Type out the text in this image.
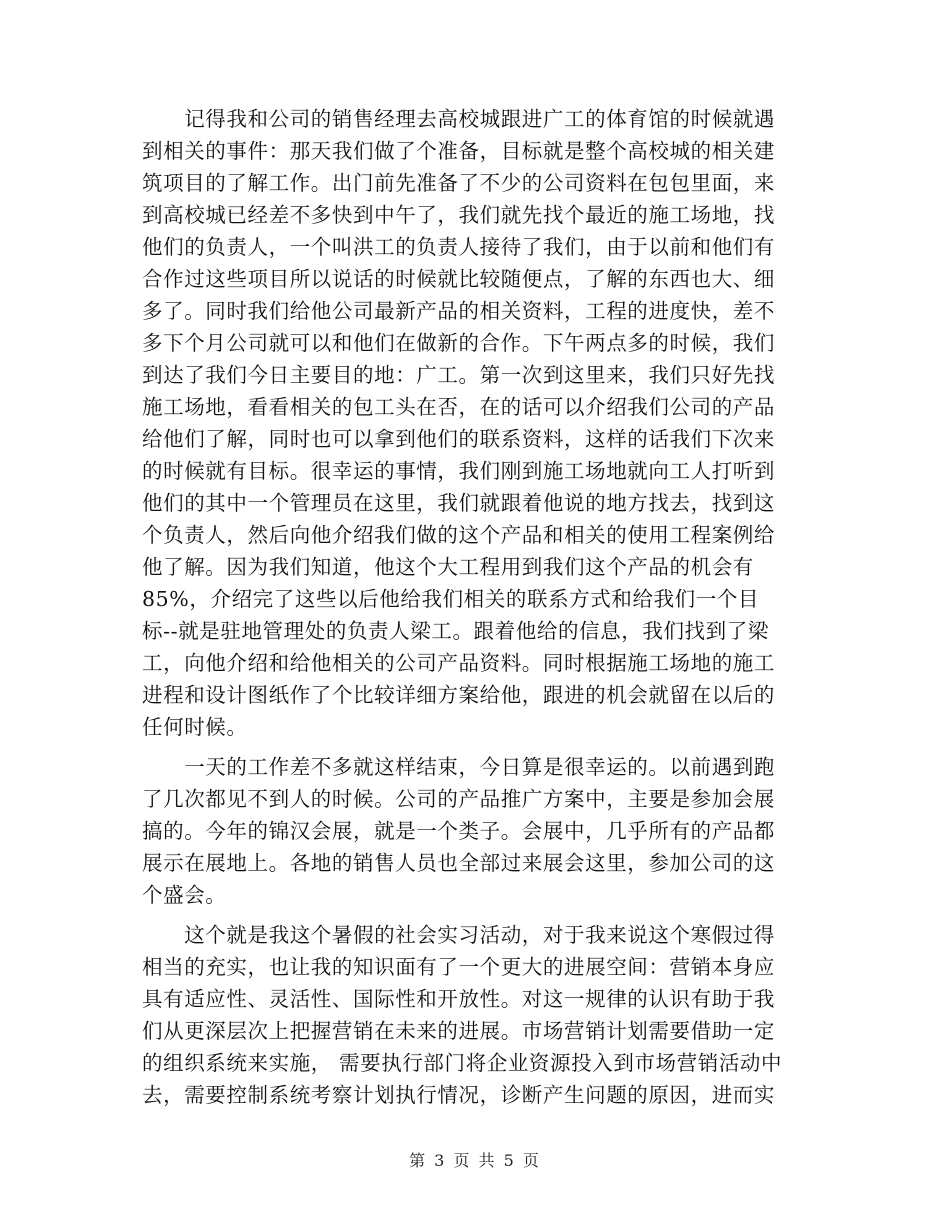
　　记得我和公司的销售经理去高校城跟进广工的体育馆的时候就遇
到相关的事件：那天我们做了个准备，目标就是整个高校城的相关建
筑项目的了解工作。出门前先准备了不少的公司资料在包包里面，来
到高校城已经差不多快到中午了，我们就先找个最近的施工场地，找
他们的负责人，一个叫洪工的负责人接待了我们，由于以前和他们有
合作过这些项目所以说话的时候就比较随便点，了解的东西也大、细
多了。同时我们给他公司最新产品的相关资料，工程的进度快，差不
多下个月公司就可以和他们在做新的合作。下午两点多的时候，我们
到达了我们今日主要目的地：广工。第一次到这里来，我们只好先找
施工场地，看看相关的包工头在否，在的话可以介绍我们公司的产品
给他们了解，同时也可以拿到他们的联系资料，这样的话我们下次来
的时候就有目标。很幸运的事情，我们刚到施工场地就向工人打听到
他们的其中一个管理员在这里，我们就跟着他说的地方找去，找到这
个负责人，然后向他介绍我们做的这个产品和相关的使用工程案例给
他了解。因为我们知道，他这个大工程用到我们这个产品的机会有
85%，介绍完了这些以后他给我们相关的联系方式和给我们一个目
标--就是驻地管理处的负责人梁工。跟着他给的信息，我们找到了梁
工，向他介绍和给他相关的公司产品资料。同时根据施工场地的施工
进程和设计图纸作了个比较详细方案给他，跟进的机会就留在以后的
任何时候。

　　一天的工作差不多就这样结束，今日算是很幸运的。以前遇到跑
了几次都见不到人的时候。公司的产品推广方案中，主要是参加会展
搞的。今年的锦汉会展，就是一个类子。会展中，几乎所有的产品都
展示在展地上。各地的销售人员也全部过来展会这里，参加公司的这
个盛会。

　　这个就是我这个暑假的社会实习活动，对于我来说这个寒假过得
相当的充实，也让我的知识面有了一个更大的进展空间：营销本身应
具有适应性、灵活性、国际性和开放性。对这一规律的认识有助于我
们从更深层次上把握营销在未来的进展。市场营销计划需要借助一定
的组织系统来实施， 需要执行部门将企业资源投入到市场营销活动中
去，需要控制系统考察计划执行情况，诊断产生问题的原因，进而实

第 3 页 共 5 页
